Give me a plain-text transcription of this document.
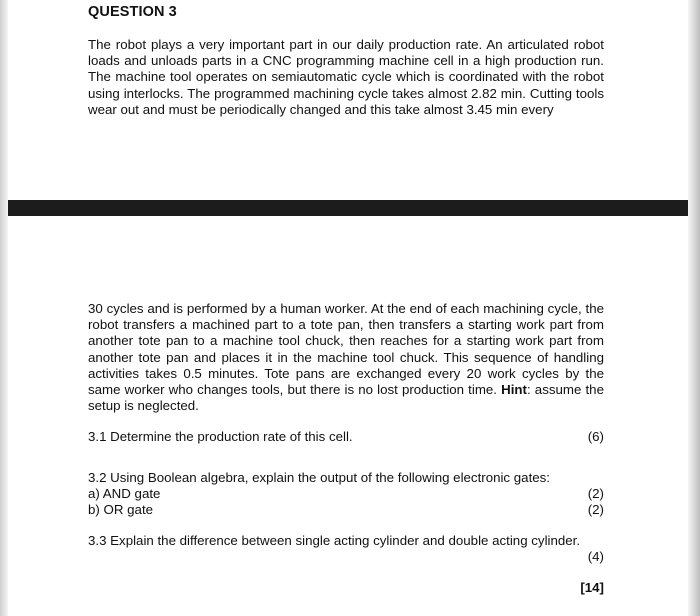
QUESTION 3
The robot plays a very important part in our daily production rate. An articulated robot loads and unloads parts in a CNC programming machine cell in a high production run. The machine tool operates on semiautomatic cycle which is coordinated with the robot using interlocks. The programmed machining cycle takes almost 2.82 min. Cutting tools wear out and must be periodically changed and this take almost 3.45 min every
30 cycles and is performed by a human worker. At the end of each machining cycle, the robot transfers a machined part to a tote pan, then transfers a starting work part from another tote pan to a machine tool chuck, then reaches for a starting work part from another tote pan and places it in the machine tool chuck. This sequence of handling activities takes 0.5 minutes. Tote pans are exchanged every 20 work cycles by the same worker who changes tools, but there is no lost production time. Hint: assume the setup is neglected.
3.1 Determine the production rate of this cell.	(6)
3.2 Using Boolean algebra, explain the output of the following electronic gates:
a) AND gate	(2)
b) OR gate	(2)
3.3 Explain the difference between single acting cylinder and double acting cylinder.
(4)
[14]
